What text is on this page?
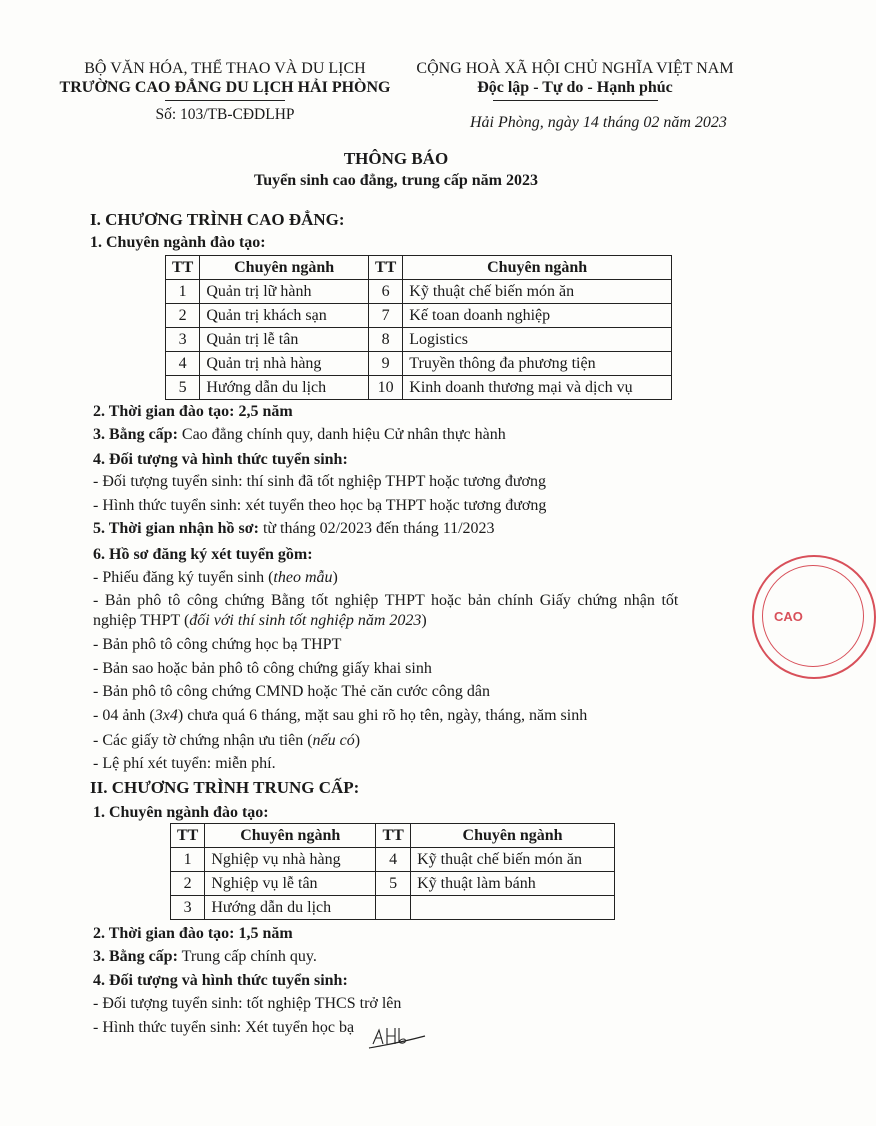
BỘ VĂN HÓA, THỂ THAO VÀ DU LỊCH
TRƯỜNG CAO ĐẲNG DU LỊCH HẢI PHÒNG
Số: 103/TB-CĐDLHP
CỘNG HOÀ XÃ HỘI CHỦ NGHĨA VIỆT NAM
Độc lập - Tự do - Hạnh phúc
Hải Phòng, ngày 14 tháng 02 năm 2023
THÔNG BÁO
Tuyển sinh cao đẳng, trung cấp năm 2023
I. CHƯƠNG TRÌNH CAO ĐẲNG:
1. Chuyên ngành đào tạo:
TT	Chuyên ngành	TT	Chuyên ngành
1	Quản trị lữ hành	6	Kỹ thuật chế biến món ăn
2	Quản trị khách sạn	7	Kế toan doanh nghiệp
3	Quản trị lễ tân	8	Logistics
4	Quản trị nhà hàng	9	Truyền thông đa phương tiện
5	Hướng dẫn du lịch	10	Kinh doanh thương mại và dịch vụ
2. Thời gian đào tạo: 2,5 năm
3. Bằng cấp: Cao đẳng chính quy, danh hiệu Cử nhân thực hành
4. Đối tượng và hình thức tuyển sinh:
- Đối tượng tuyển sinh: thí sinh đã tốt nghiệp THPT hoặc tương đương
- Hình thức tuyển sinh: xét tuyển theo học bạ THPT hoặc tương đương
5. Thời gian nhận hồ sơ: từ tháng 02/2023 đến tháng 11/2023
6. Hồ sơ đăng ký xét tuyển gồm:
- Phiếu đăng ký tuyển sinh (theo mẫu)
- Bản phô tô công chứng Bằng tốt nghiệp THPT hoặc bản chính Giấy chứng nhận tốt
nghiệp THPT (đối với thí sinh tốt nghiệp năm 2023)
- Bản phô tô công chứng học bạ THPT
- Bản sao hoặc bản phô tô công chứng giấy khai sinh
- Bản phô tô công chứng CMND hoặc Thẻ căn cước công dân
- 04 ảnh (3x4) chưa quá 6 tháng, mặt sau ghi rõ họ tên, ngày, tháng, năm sinh
- Các giấy tờ chứng nhận ưu tiên (nếu có)
- Lệ phí xét tuyển: miễn phí.
II. CHƯƠNG TRÌNH TRUNG CẤP:
1. Chuyên ngành đào tạo:
TT	Chuyên ngành	TT	Chuyên ngành
1	Nghiệp vụ nhà hàng	4	Kỹ thuật chế biến món ăn
2	Nghiệp vụ lễ tân	5	Kỹ thuật làm bánh
3	Hướng dẫn du lịch		
2. Thời gian đào tạo: 1,5 năm
3. Bằng cấp: Trung cấp chính quy.
4. Đối tượng và hình thức tuyển sinh:
- Đối tượng tuyển sinh: tốt nghiệp THCS trở lên
- Hình thức tuyển sinh: Xét tuyển học bạ
CAO
